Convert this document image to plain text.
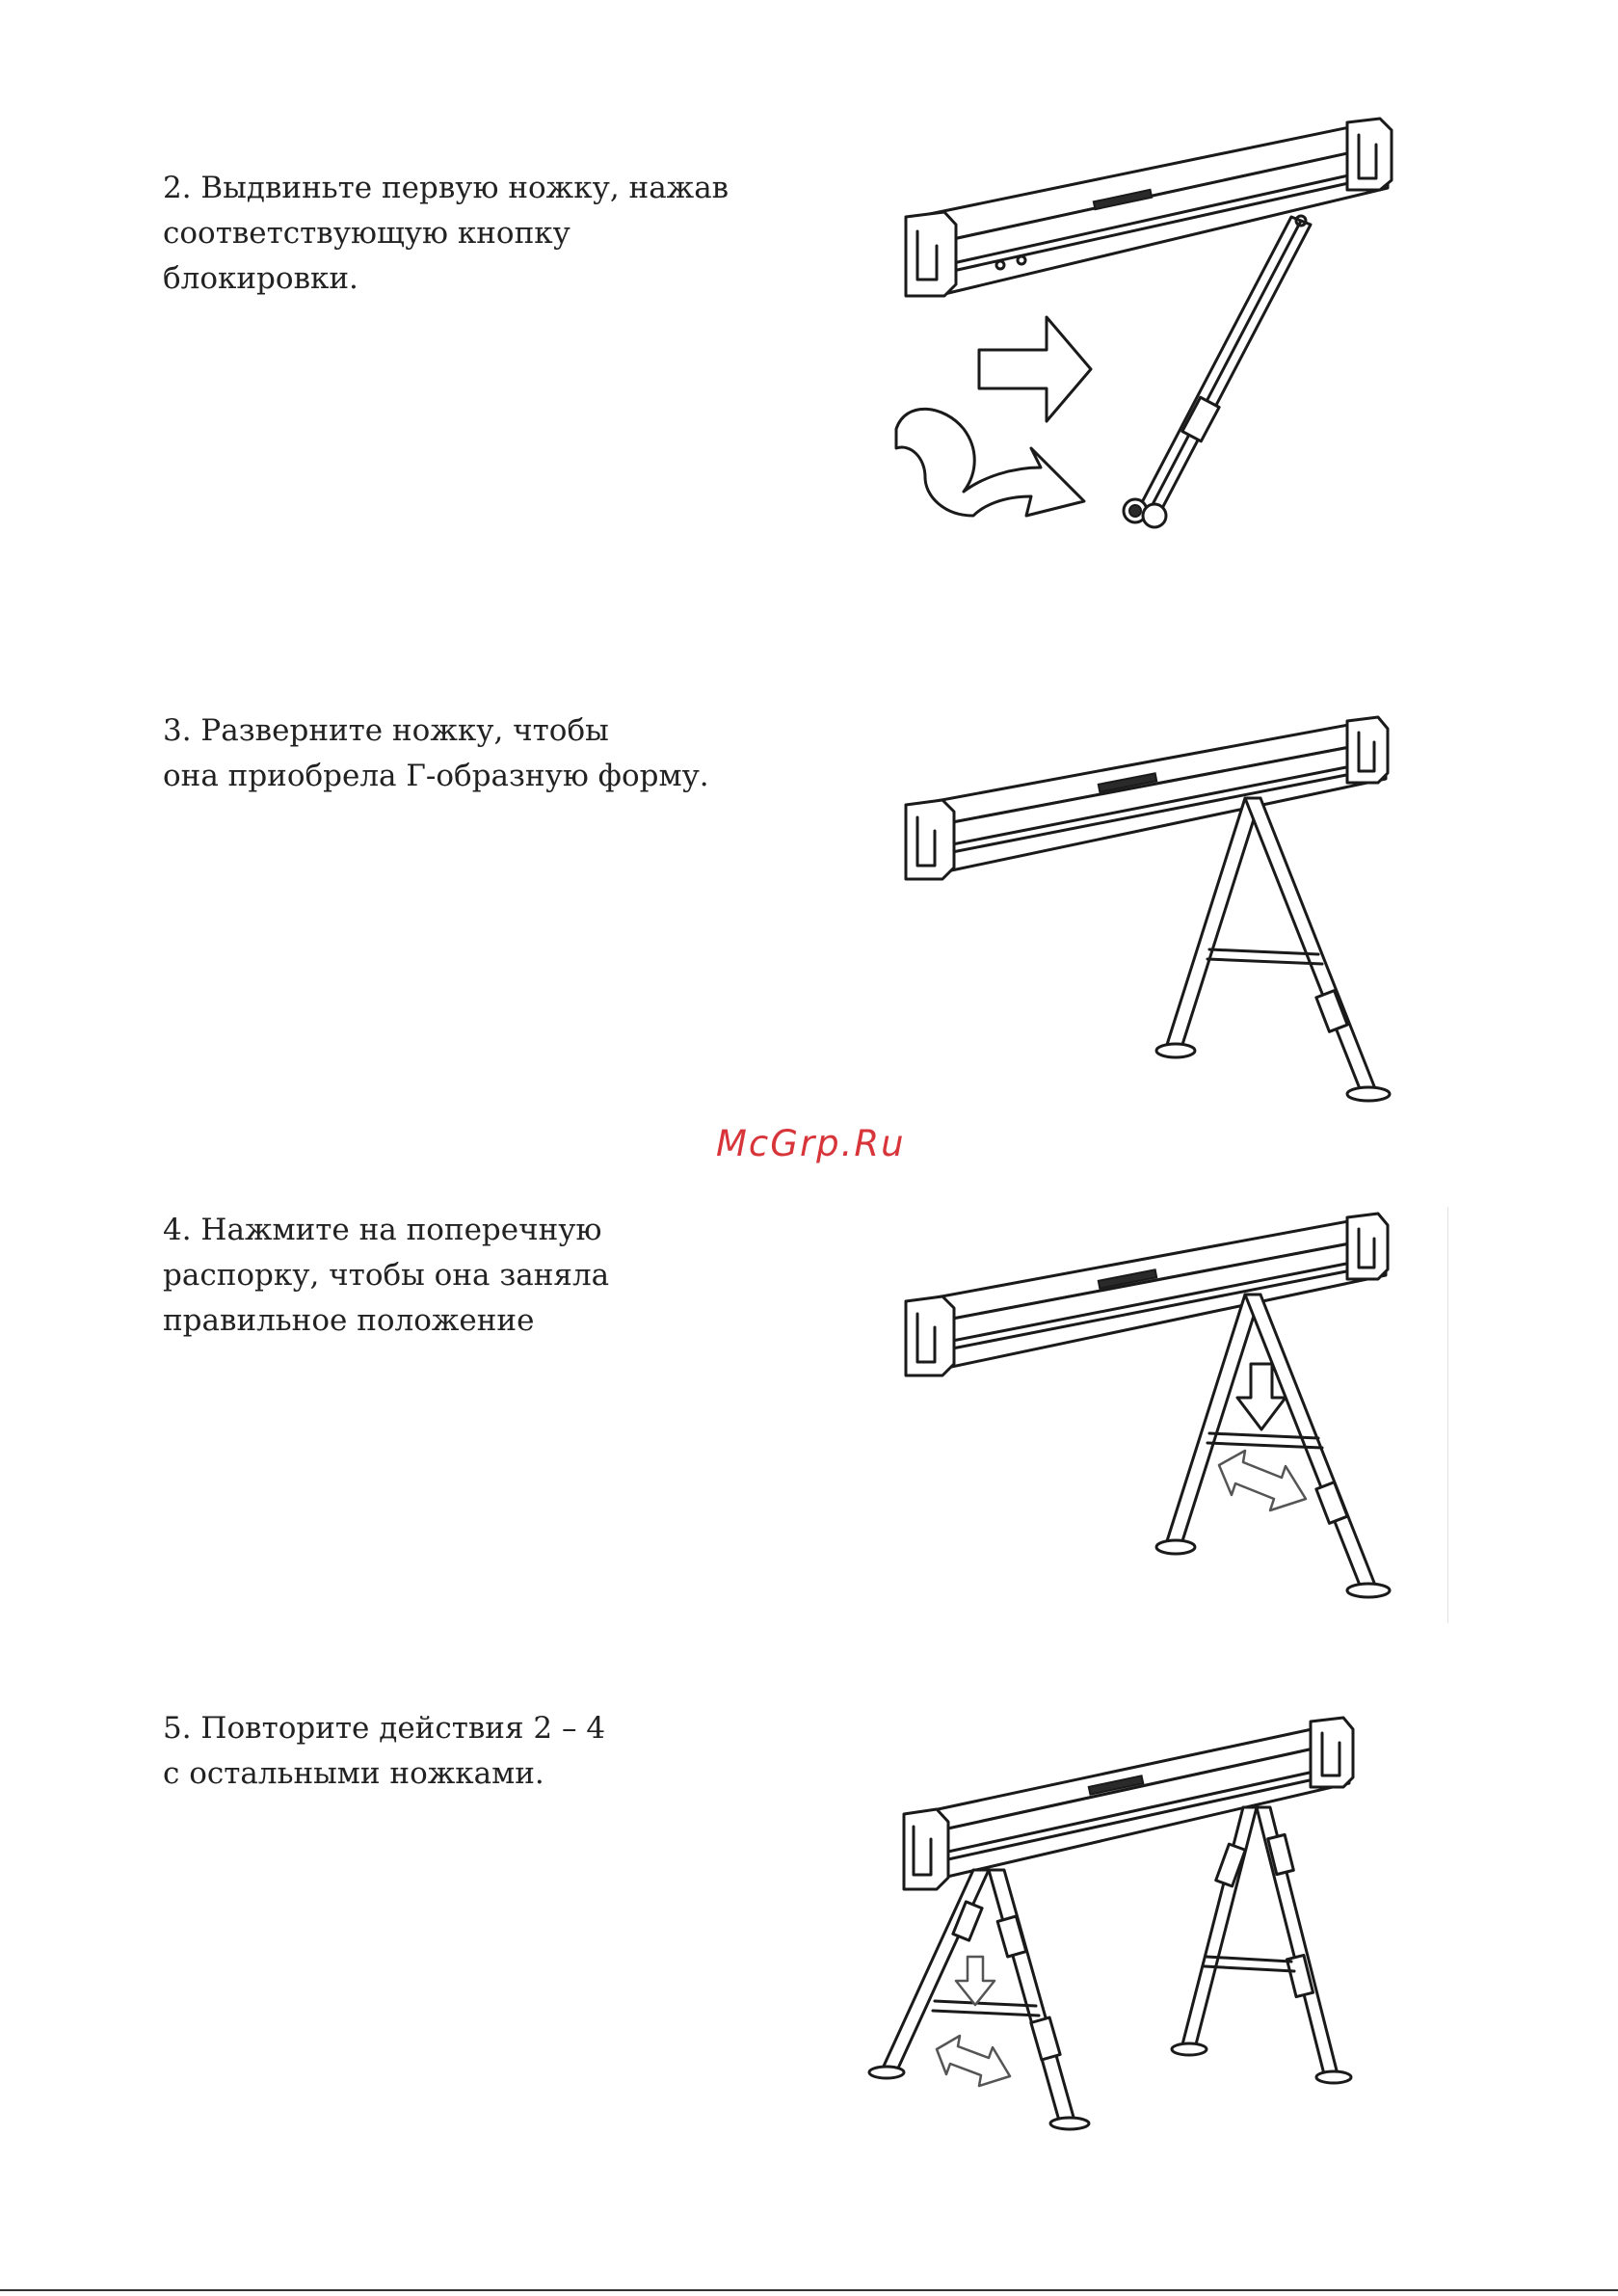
2. Выдвиньте первую ножку, нажав
соответствующую кнопку
блокировки.
3. Разверните ножку, чтобы
она приобрела Г-образную форму.
McGrp.Ru
4. Нажмите на поперечную
распорку, чтобы она заняла
правильное положение
5. Повторите действия 2 – 4
с остальными ножками.
